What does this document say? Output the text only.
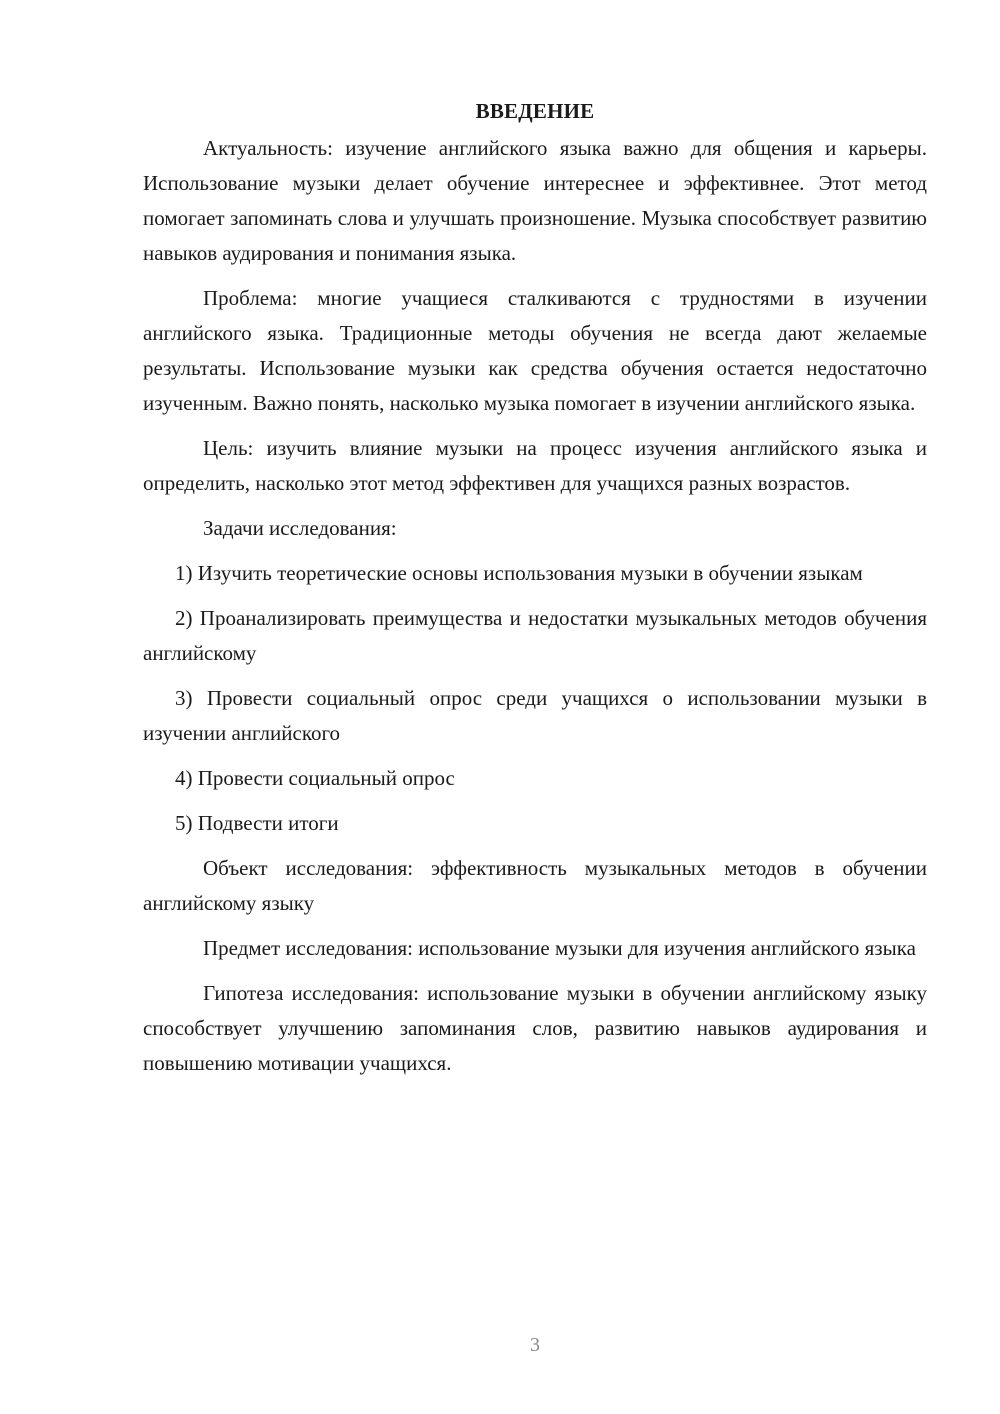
ВВЕДЕНИЕ

Актуальность: изучение английского языка важно для общения и карьеры. Использование музыки делает обучение интереснее и эффективнее. Этот метод помогает запоминать слова и улучшать произношение. Музыка способствует развитию навыков аудирования и понимания языка.

Проблема: многие учащиеся сталкиваются с трудностями в изучении английского языка. Традиционные методы обучения не всегда дают желаемые результаты. Использование музыки как средства обучения остается недостаточно изученным. Важно понять, насколько музыка помогает в изучении английского языка.

Цель: изучить влияние музыки на процесс изучения английского языка и определить, насколько этот метод эффективен для учащихся разных возрастов.

Задачи исследования:

1) Изучить теоретические основы использования музыки в обучении языкам

2) Проанализировать преимущества и недостатки музыкальных методов обучения английскому

3) Провести социальный опрос среди учащихся о использовании музыки в изучении английского

4) Провести социальный опрос

5) Подвести итоги

Объект исследования: эффективность музыкальных методов в обучении английскому языку

Предмет исследования: использование музыки для изучения английского языка

Гипотеза исследования: использование музыки в обучении английскому языку способствует улучшению запоминания слов, развитию навыков аудирования и повышению мотивации учащихся.

3
